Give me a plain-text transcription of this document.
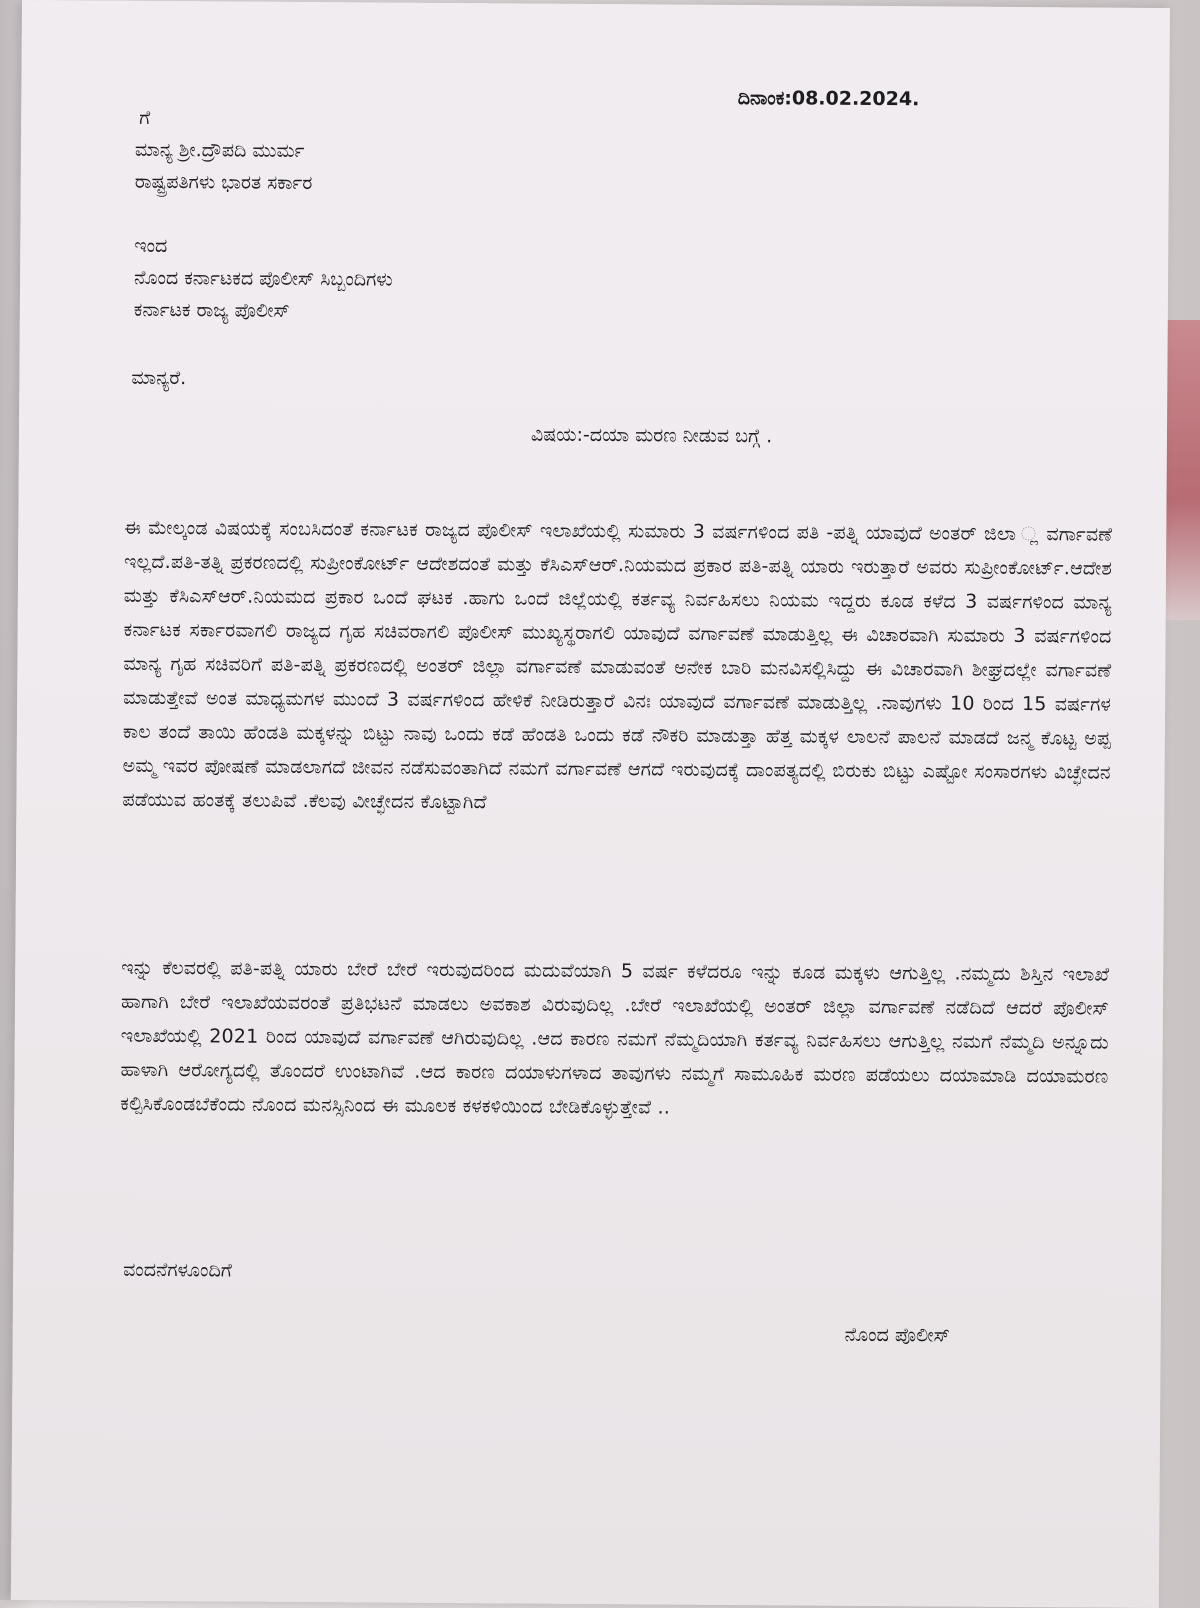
ದಿನಾಂಕ:08.02.2024.
ಗೆ
ಮಾನ್ಯ ಶ್ರೀ.ದ್ರೌಪದಿ ಮುರ್ಮ
ರಾಷ್ಟ್ರಪತಿಗಳು ಭಾರತ ಸರ್ಕಾರ
ಇಂದ
ನೊಂದ ಕರ್ನಾಟಕದ ಪೊಲೀಸ್ ಸಿಬ್ಬಂದಿಗಳು
ಕರ್ನಾಟಕ ರಾಜ್ಯ ಪೊಲೀಸ್
ಮಾನ್ಯರೆ.
ವಿಷಯ:-ದಯಾ ಮರಣ ನೀಡುವ ಬಗ್ಗೆ .
ಈ ಮೇಲ್ಕಂಡ ವಿಷಯಕ್ಕೆ ಸಂಬಸಿದಂತೆ ಕರ್ನಾಟಕ ರಾಜ್ಯದ ಪೊಲೀಸ್ ಇಲಾಖೆಯಲ್ಲಿ ಸುಮಾರು 3 ವರ್ಷಗಳಿಂದ ಪತಿ -ಪತ್ನಿ ಯಾವುದೆ ಅಂತರ್ ಜಿಲಾ ್ಲ ವರ್ಗಾವಣೆ ಇಲ್ಲದೆ.ಪತಿ-ತತ್ನಿ ಪ್ರಕರಣದಲ್ಲಿ ಸುಪ್ರೀಂಕೋರ್ಟ್ ಆದೇಶದಂತೆ ಮತ್ತು ಕೆಸಿಎಸ್ಆರ್.ನಿಯಮದ ಪ್ರಕಾರ ಪತಿ-ಪತ್ನಿ ಯಾರು ಇರುತ್ತಾರೆ ಅವರು ಸುಪ್ರೀಂಕೋರ್ಟ್.ಆದೇಶ ಮತ್ತು ಕೆಸಿಎಸ್ಆರ್.ನಿಯಮದ ಪ್ರಕಾರ ಒಂದೆ ಘಟಕ .ಹಾಗು ಒಂದೆ ಜಿಲ್ಲೆಯಲ್ಲಿ ಕರ್ತವ್ಯ ನಿರ್ವಹಿಸಲು ನಿಯಮ ಇದ್ದರು ಕೂಡ ಕಳೆದ 3 ವರ್ಷಗಳಿಂದ ಮಾನ್ಯ ಕರ್ನಾಟಕ ಸರ್ಕಾರವಾಗಲಿ ರಾಜ್ಯದ ಗೃಹ ಸಚಿವರಾಗಲಿ ಪೊಲೀಸ್ ಮುಖ್ಯಸ್ಥರಾಗಲಿ ಯಾವುದೆ ವರ್ಗಾವಣೆ ಮಾಡುತ್ತಿಲ್ಲ ಈ ವಿಚಾರವಾಗಿ ಸುಮಾರು 3 ವರ್ಷಗಳಿಂದ ಮಾನ್ಯ ಗೃಹ ಸಚಿವರಿಗೆ ಪತಿ-ಪತ್ನಿ ಪ್ರಕರಣದಲ್ಲಿ ಅಂತರ್ ಜಿಲ್ಲಾ ವರ್ಗಾವಣೆ ಮಾಡುವಂತೆ ಅನೇಕ ಬಾರಿ ಮನವಿಸಲ್ಲಿಸಿದ್ದು ಈ ವಿಚಾರವಾಗಿ ಶೀಘ್ರದಲ್ಲೇ ವರ್ಗಾವಣೆ ಮಾಡುತ್ತೇವೆ ಅಂತ ಮಾಧ್ಯಮಗಳ ಮುಂದೆ 3 ವರ್ಷಗಳಿಂದ ಹೇಳಿಕೆ ನೀಡಿರುತ್ತಾರೆ ವಿನಃ ಯಾವುದೆ ವರ್ಗಾವಣೆ ಮಾಡುತ್ತಿಲ್ಲ .ನಾವುಗಳು 10 ರಿಂದ 15 ವರ್ಷಗಳ ಕಾಲ ತಂದೆ ತಾಯಿ ಹೆಂಡತಿ ಮಕ್ಕಳನ್ನು ಬಿಟ್ಟು ನಾವು ಒಂದು ಕಡೆ ಹೆಂಡತಿ ಒಂದು ಕಡೆ ನೌಕರಿ ಮಾಡುತ್ತಾ ಹೆತ್ತ ಮಕ್ಕಳ ಲಾಲನೆ ಪಾಲನೆ ಮಾಡದೆ ಜನ್ಮ ಕೊಟ್ಟ ಅಪ್ಪ ಅಮ್ಮ ಇವರ ಪೋಷಣೆ ಮಾಡಲಾಗದೆ ಜೀವನ ನಡೆಸುವಂತಾಗಿದೆ ನಮಗೆ ವರ್ಗಾವಣೆ ಆಗದೆ ಇರುವುದಕ್ಕೆ ದಾಂಪತ್ಯದಲ್ಲಿ ಬಿರುಕು ಬಿಟ್ಟು ಎಷ್ಟೋ ಸಂಸಾರಗಳು ವಿಚ್ಛೇದನ ಪಡೆಯುವ ಹಂತಕ್ಕೆ ತಲುಪಿವೆ .ಕೆಲವು ವೀಚ್ಛೇದನ ಕೊಟ್ಟಾಗಿದೆ
ಇನ್ನು ಕೆಲವರಲ್ಲಿ ಪತಿ-ಪತ್ನಿ ಯಾರು ಬೇರೆ ಬೇರೆ ಇರುವುದರಿಂದ ಮದುವೆಯಾಗಿ 5 ವರ್ಷ ಕಳೆದರೂ ಇನ್ನು ಕೂಡ ಮಕ್ಕಳು ಆಗುತ್ತಿಲ್ಲ .ನಮ್ಮದು ಶಿಸ್ತಿನ ಇಲಾಖೆ ಹಾಗಾಗಿ ಬೇರೆ ಇಲಾಖೆಯವರಂತೆ ಪ್ರತಿಭಟನೆ ಮಾಡಲು ಅವಕಾಶ ವಿರುವುದಿಲ್ಲ .ಬೇರೆ ಇಲಾಖೆಯಲ್ಲಿ ಅಂತರ್ ಜಿಲ್ಲಾ ವರ್ಗಾವಣೆ ನಡೆದಿದೆ ಆದರೆ ಪೊಲೀಸ್ ಇಲಾಖೆಯಲ್ಲಿ 2021 ರಿಂದ ಯಾವುದೆ ವರ್ಗಾವಣೆ ಆಗಿರುವುದಿಲ್ಲ .ಆದ ಕಾರಣ ನಮಗೆ ನೆಮ್ಮದಿಯಾಗಿ ಕರ್ತವ್ಯ ನಿರ್ವಹಿಸಲು ಆಗುತ್ತಿಲ್ಲ ನಮಗೆ ನೆಮ್ಮದಿ ಅನ್ನೂದು ಹಾಳಾಗಿ ಆರೋಗ್ಯದಲ್ಲಿ ತೊಂದರೆ ಉಂಟಾಗಿವೆ .ಆದ ಕಾರಣ ದಯಾಳುಗಳಾದ ತಾವುಗಳು ನಮ್ಮಗೆ ಸಾಮೂಹಿಕ ಮರಣ ಪಡೆಯಲು ದಯಾಮಾಡಿ ದಯಾಮರಣ ಕಲ್ಪಿಸಿಕೊಂಡಬೆಕೆಂದು ನೊಂದ ಮನಸ್ಸಿನಿಂದ ಈ ಮೂಲಕ ಕಳಕಳಿಯಿಂದ ಬೇಡಿಕೊಳ್ಳುತ್ತೇವೆ ..
ವಂದನೆಗಳೂಂದಿಗೆ
ನೊಂದ ಪೊಲೀಸ್
